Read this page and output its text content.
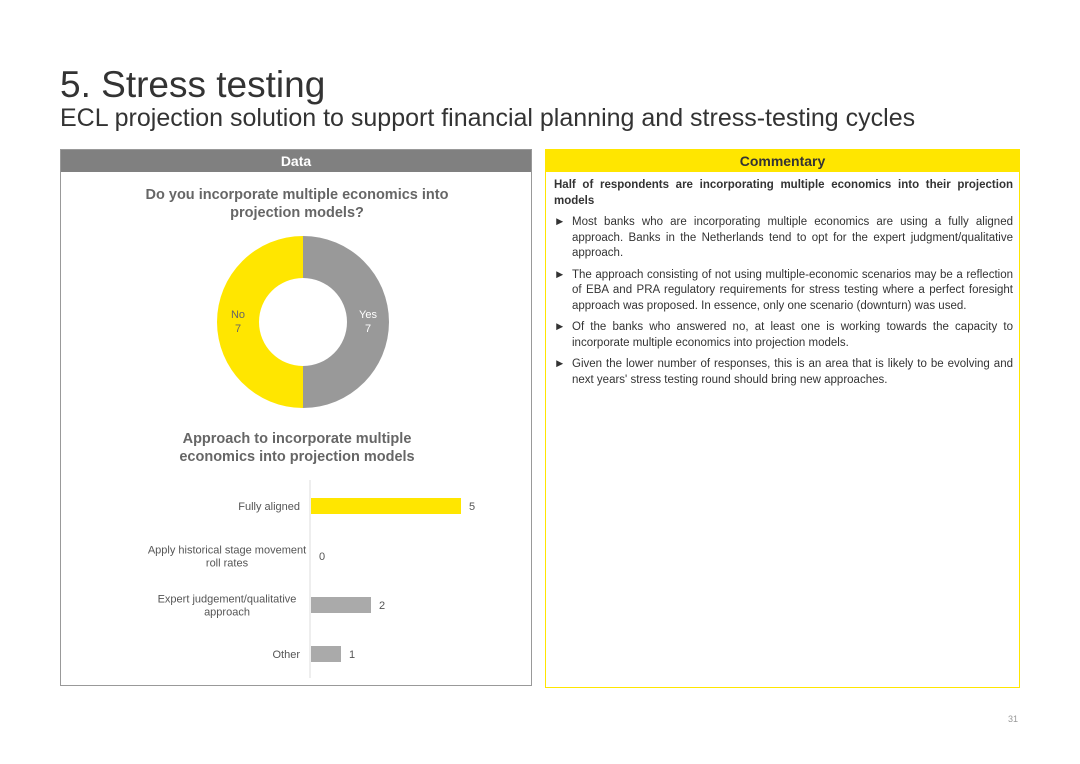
5. Stress testing
ECL projection solution to support financial planning and stress-testing cycles
Data
Do you incorporate multiple economics into projection models?
Yes
7
No
7
Approach to incorporate multiple economics into projection models
5
Fully aligned
0
Apply historical stage movement roll rates
2
Expert judgement/qualitative approach
1
Other
Commentary

Half of respondents are incorporating multiple economics into their projection models

► Most banks who are incorporating multiple economics are using a fully aligned approach. Banks in the Netherlands tend to opt for the expert judgment/qualitative approach.

► The approach consisting of not using multiple-economic scenarios may be a reflection of EBA and PRA regulatory requirements for stress testing where a perfect foresight approach was proposed. In essence, only one scenario (downturn) was used.

► Of the banks who answered no, at least one is working towards the capacity to incorporate multiple economics into projection models.

► Given the lower number of responses, this is an area that is likely to be evolving and next years' stress testing round should bring new approaches.

31
